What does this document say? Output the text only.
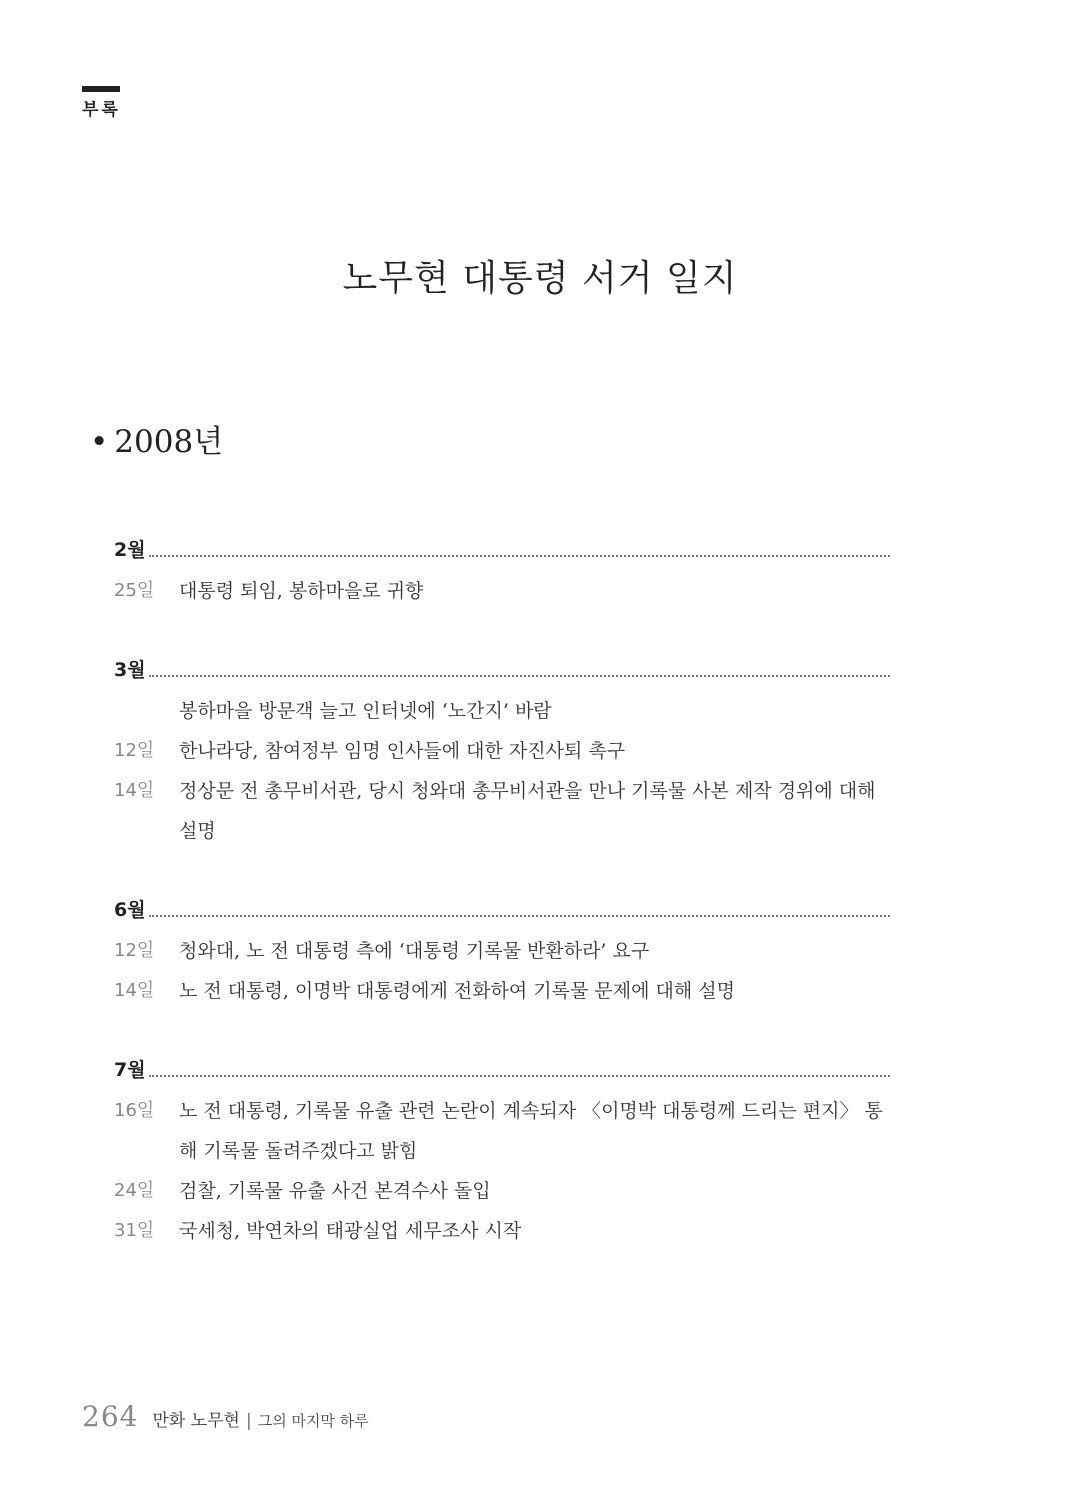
부록
노무현 대통령 서거 일지
• 2008년
2월
25일	대통령 퇴임, 봉하마을로 귀향
3월
봉하마을 방문객 늘고 인터넷에 ‘노간지’ 바람
12일	한나라당, 참여정부 임명 인사들에 대한 자진사퇴 촉구
14일	정상문 전 총무비서관, 당시 청와대 총무비서관을 만나 기록물 사본 제작 경위에 대해 설명
6월
12일	청와대, 노 전 대통령 측에 ‘대통령 기록물 반환하라’ 요구
14일	노 전 대통령, 이명박 대통령에게 전화하여 기록물 문제에 대해 설명
7월
16일	노 전 대통령, 기록물 유출 관련 논란이 계속되자 〈이명박 대통령께 드리는 편지〉 통해 기록물 돌려주겠다고 밝힘
24일	검찰, 기록물 유출 사건 본격수사 돌입
31일	국세청, 박연차의 태광실업 세무조사 시작
264 만화 노무현 | 그의 마지막 하루
